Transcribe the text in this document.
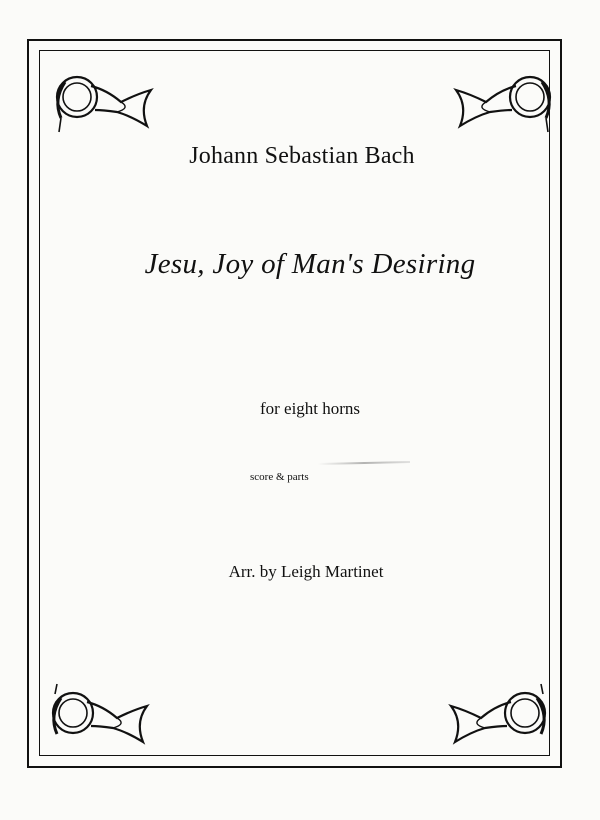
Johann Sebastian Bach
Jesu, Joy of Man's Desiring
for eight horns
score & parts
Arr. by Leigh Martinet
